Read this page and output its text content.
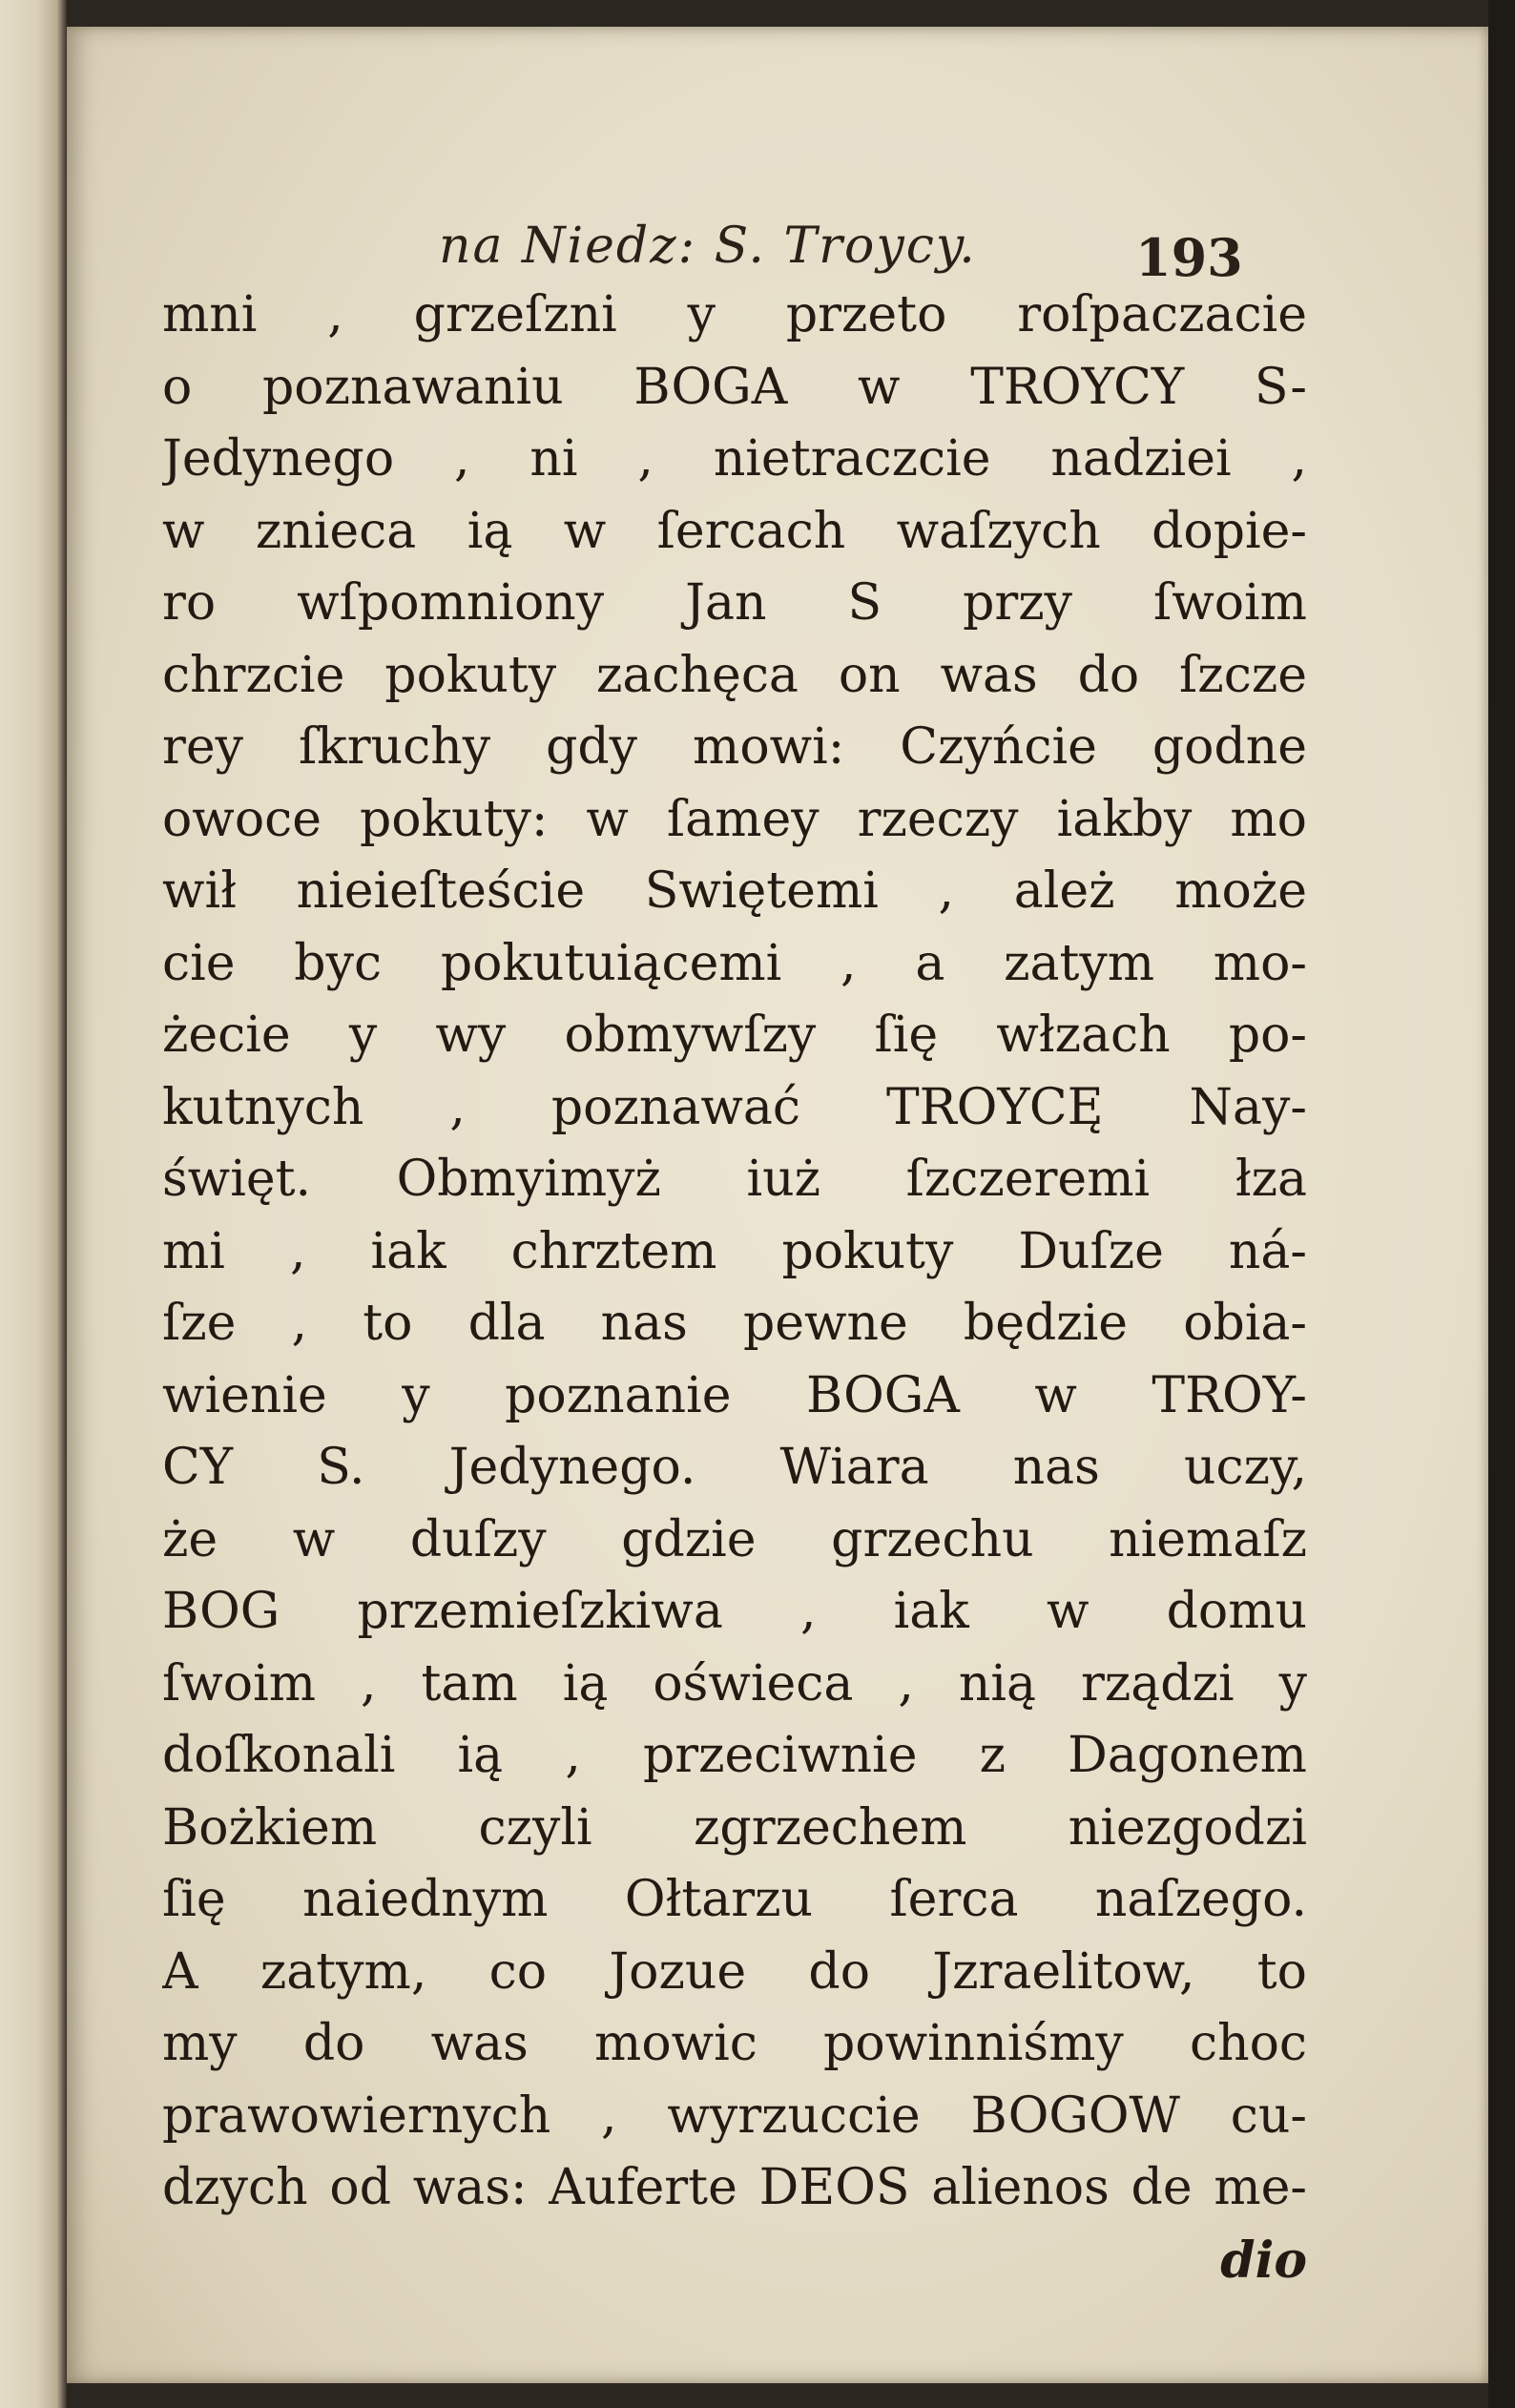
na Niedz: S. Troycy.	193
mni , grzeſzni y przeto roſpaczacie
o poznawaniu BOGA w TROYCY S-
Jedynego , ni , nietraczcie nadziei ,
w znieca ią w ſercach waſzych dopie-
ro wſpomniony Jan S przy ſwoim
chrzcie pokuty zachęca on was do ſzcze
rey ſkruchy gdy mowi: Czyńcie godne
owoce pokuty: w ſamey rzeczy iakby mo
wił nieieſteście Swiętemi , ależ może
cie byc pokutuiącemi , a zatym mo-
żecie y wy obmywſzy ſię włzach po-
kutnych , poznawać TROYCĘ Nay-
święt. Obmyimyż iuż ſzczeremi łza
mi , iak chrztem pokuty Duſze ná-
ſze , to dla nas pewne będzie obia-
wienie y poznanie BOGA w TROY-
CY S. Jedynego. Wiara nas uczy,
że w duſzy gdzie grzechu niemaſz
BOG przemieſzkiwa , iak w domu
ſwoim , tam ią oświeca , nią rządzi y
doſkonali ią , przeciwnie z Dagonem
Bożkiem czyli zgrzechem niezgodzi
ſię naiednym Ołtarzu ſerca naſzego.
A zatym, co Jozue do Jzraelitow, to
my do was mowic powinniśmy choc
prawowiernych , wyrzuccie BOGOW cu-
dzych od was: Auferte DEOS alienos de me-
dio
